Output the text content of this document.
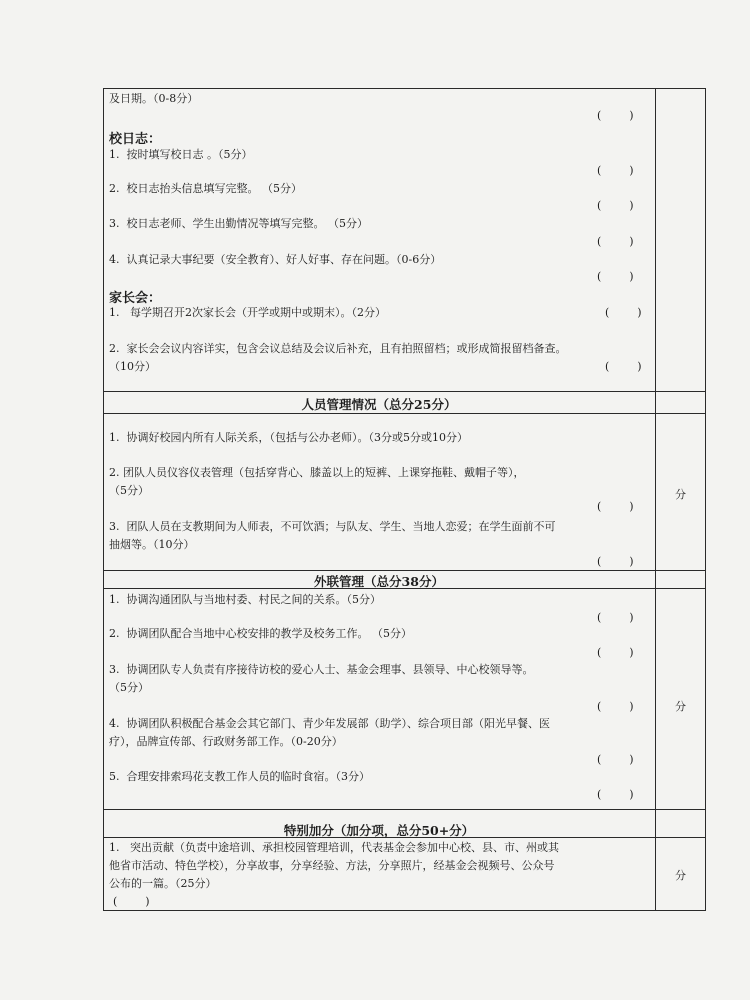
及日期。（0-8分）
(        )
校日志：
1.  按时填写校日志 。（5分）
(        )
2.  校日志抬头信息填写完整。 （5分）
(        )
3.  校日志老师、学生出勤情况等填写完整。 （5分）
(        )
4.  认真记录大事纪要（安全教育）、好人好事、存在问题。（0-6分）
(        )
家长会：
1.   每学期召开2次家长会（开学或期中或期末）。（2分）	(        )
2.  家长会会议内容详实，包含会议总结及会议后补充，且有拍照留档；或形成简报留档备查。
（10分）	(        )
人员管理情况（总分25分）
1.  协调好校园内所有人际关系，（包括与公办老师）。（3分或5分或10分）
2. 团队人员仪容仪表管理（包括穿背心、膝盖以上的短裤、上课穿拖鞋、戴帽子等），
（5分）
(        )
3.  团队人员在支教期间为人师表，不可饮酒；与队友、学生、当地人恋爱；在学生面前不可
抽烟等。（10分）
(        )
分
外联管理（总分38分）
1.  协调沟通团队与当地村委、村民之间的关系。（5分）
(        )
2.  协调团队配合当地中心校安排的教学及校务工作。 （5分）
(        )
3.  协调团队专人负责有序接待访校的爱心人士、基金会理事、县领导、中心校领导等。
（5分）
(        )
4.  协调团队积极配合基金会其它部门、青少年发展部（助学）、综合项目部（阳光早餐、医
疗），品牌宣传部、行政财务部工作。（0-20分）
(        )
5.  合理安排索玛花支教工作人员的临时食宿。（3分）
(        )
分
特别加分（加分项，总分50+分）
1.   突出贡献（负责中途培训、承担校园管理培训，代表基金会参加中心校、县、市、州或其
他省市活动、特色学校），分享故事，分享经验、方法，分享照片，经基金会视频号、公众号
公布的一篇。（25分）
(        )
分
